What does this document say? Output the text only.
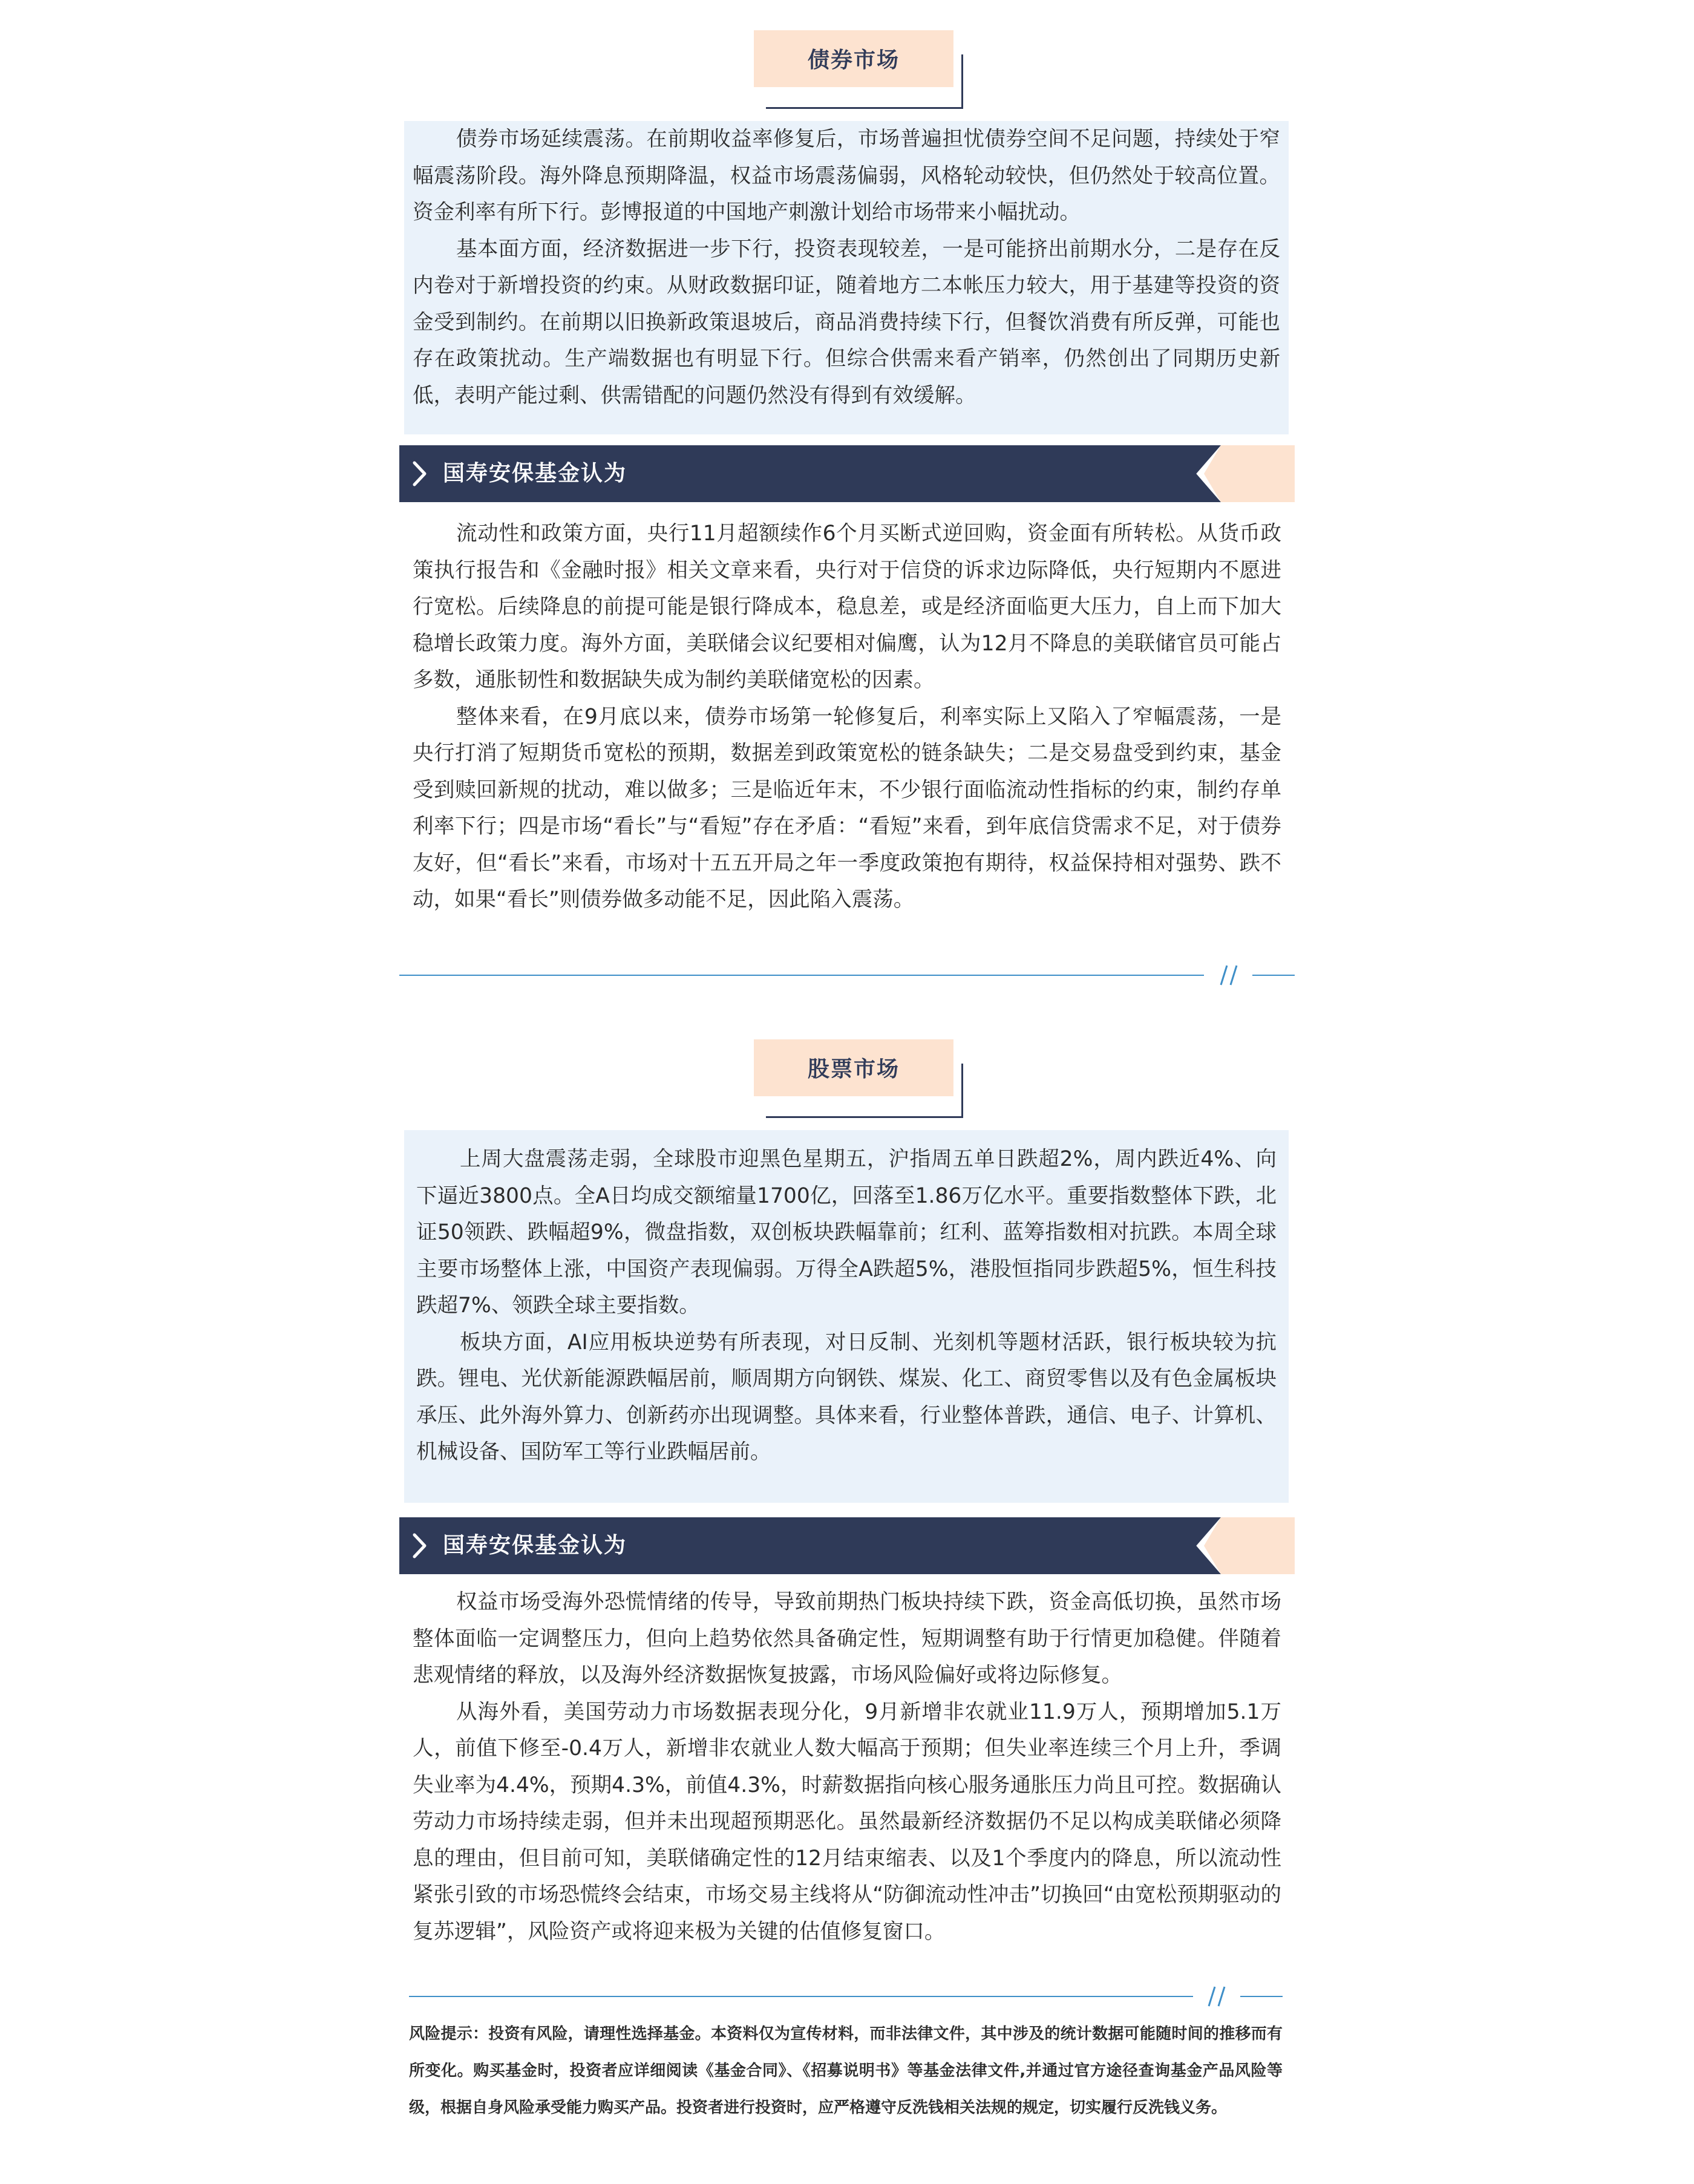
债券市场

债券市场延续震荡。在前期收益率修复后，市场普遍担忧债券空间不足问题，持续处于窄幅震荡阶段。海外降息预期降温，权益市场震荡偏弱，风格轮动较快，但仍然处于较高位置。资金利率有所下行。彭博报道的中国地产刺激计划给市场带来小幅扰动。

基本面方面，经济数据进一步下行，投资表现较差，一是可能挤出前期水分，二是存在反内卷对于新增投资的约束。从财政数据印证，随着地方二本帐压力较大，用于基建等投资的资金受到制约。在前期以旧换新政策退坡后，商品消费持续下行，但餐饮消费有所反弹，可能也存在政策扰动。生产端数据也有明显下行。但综合供需来看产销率，仍然创出了同期历史新低，表明产能过剩、供需错配的问题仍然没有得到有效缓解。

国寿安保基金认为

流动性和政策方面，央行11月超额续作6个月买断式逆回购，资金面有所转松。从货币政策执行报告和《金融时报》相关文章来看，央行对于信贷的诉求边际降低，央行短期内不愿进行宽松。后续降息的前提可能是银行降成本，稳息差，或是经济面临更大压力，自上而下加大稳增长政策力度。海外方面，美联储会议纪要相对偏鹰，认为12月不降息的美联储官员可能占多数，通胀韧性和数据缺失成为制约美联储宽松的因素。

整体来看，在9月底以来，债券市场第一轮修复后，利率实际上又陷入了窄幅震荡，一是央行打消了短期货币宽松的预期，数据差到政策宽松的链条缺失；二是交易盘受到约束，基金受到赎回新规的扰动，难以做多；三是临近年末，不少银行面临流动性指标的约束，制约存单利率下行；四是市场“看长”与“看短”存在矛盾：“看短”来看，到年底信贷需求不足，对于债券友好，但“看长”来看，市场对十五五开局之年一季度政策抱有期待，权益保持相对强势、跌不动，如果“看长”则债券做多动能不足，因此陷入震荡。

股票市场

上周大盘震荡走弱，全球股市迎黑色星期五，沪指周五单日跌超2%，周内跌近4%、向下逼近3800点。全A日均成交额缩量1700亿，回落至1.86万亿水平。重要指数整体下跌，北证50领跌、跌幅超9%，微盘指数，双创板块跌幅靠前；红利、蓝筹指数相对抗跌。本周全球主要市场整体上涨，中国资产表现偏弱。万得全A跌超5%，港股恒指同步跌超5%，恒生科技跌超7%、领跌全球主要指数。

板块方面，AI应用板块逆势有所表现，对日反制、光刻机等题材活跃，银行板块较为抗跌。锂电、光伏新能源跌幅居前，顺周期方向钢铁、煤炭、化工、商贸零售以及有色金属板块承压、此外海外算力、创新药亦出现调整。具体来看，行业整体普跌，通信、电子、计算机、机械设备、国防军工等行业跌幅居前。

国寿安保基金认为

权益市场受海外恐慌情绪的传导，导致前期热门板块持续下跌，资金高低切换，虽然市场整体面临一定调整压力，但向上趋势依然具备确定性，短期调整有助于行情更加稳健。伴随着悲观情绪的释放，以及海外经济数据恢复披露，市场风险偏好或将边际修复。

从海外看，美国劳动力市场数据表现分化，9月新增非农就业11.9万人，预期增加5.1万人，前值下修至-0.4万人，新增非农就业人数大幅高于预期；但失业率连续三个月上升，季调失业率为4.4%，预期4.3%，前值4.3%，时薪数据指向核心服务通胀压力尚且可控。数据确认劳动力市场持续走弱，但并未出现超预期恶化。虽然最新经济数据仍不足以构成美联储必须降息的理由，但目前可知，美联储确定性的12月结束缩表、以及1个季度内的降息，所以流动性紧张引致的市场恐慌终会结束，市场交易主线将从“防御流动性冲击”切换回“由宽松预期驱动的复苏逻辑”，风险资产或将迎来极为关键的估值修复窗口。

风险提示：投资有风险，请理性选择基金。本资料仅为宣传材料，而非法律文件，其中涉及的统计数据可能随时间的推移而有所变化。购买基金时，投资者应详细阅读《基金合同》、《招募说明书》等基金法律文件,并通过官方途径查询基金产品风险等级，根据自身风险承受能力购买产品。投资者进行投资时，应严格遵守反洗钱相关法规的规定，切实履行反洗钱义务。
